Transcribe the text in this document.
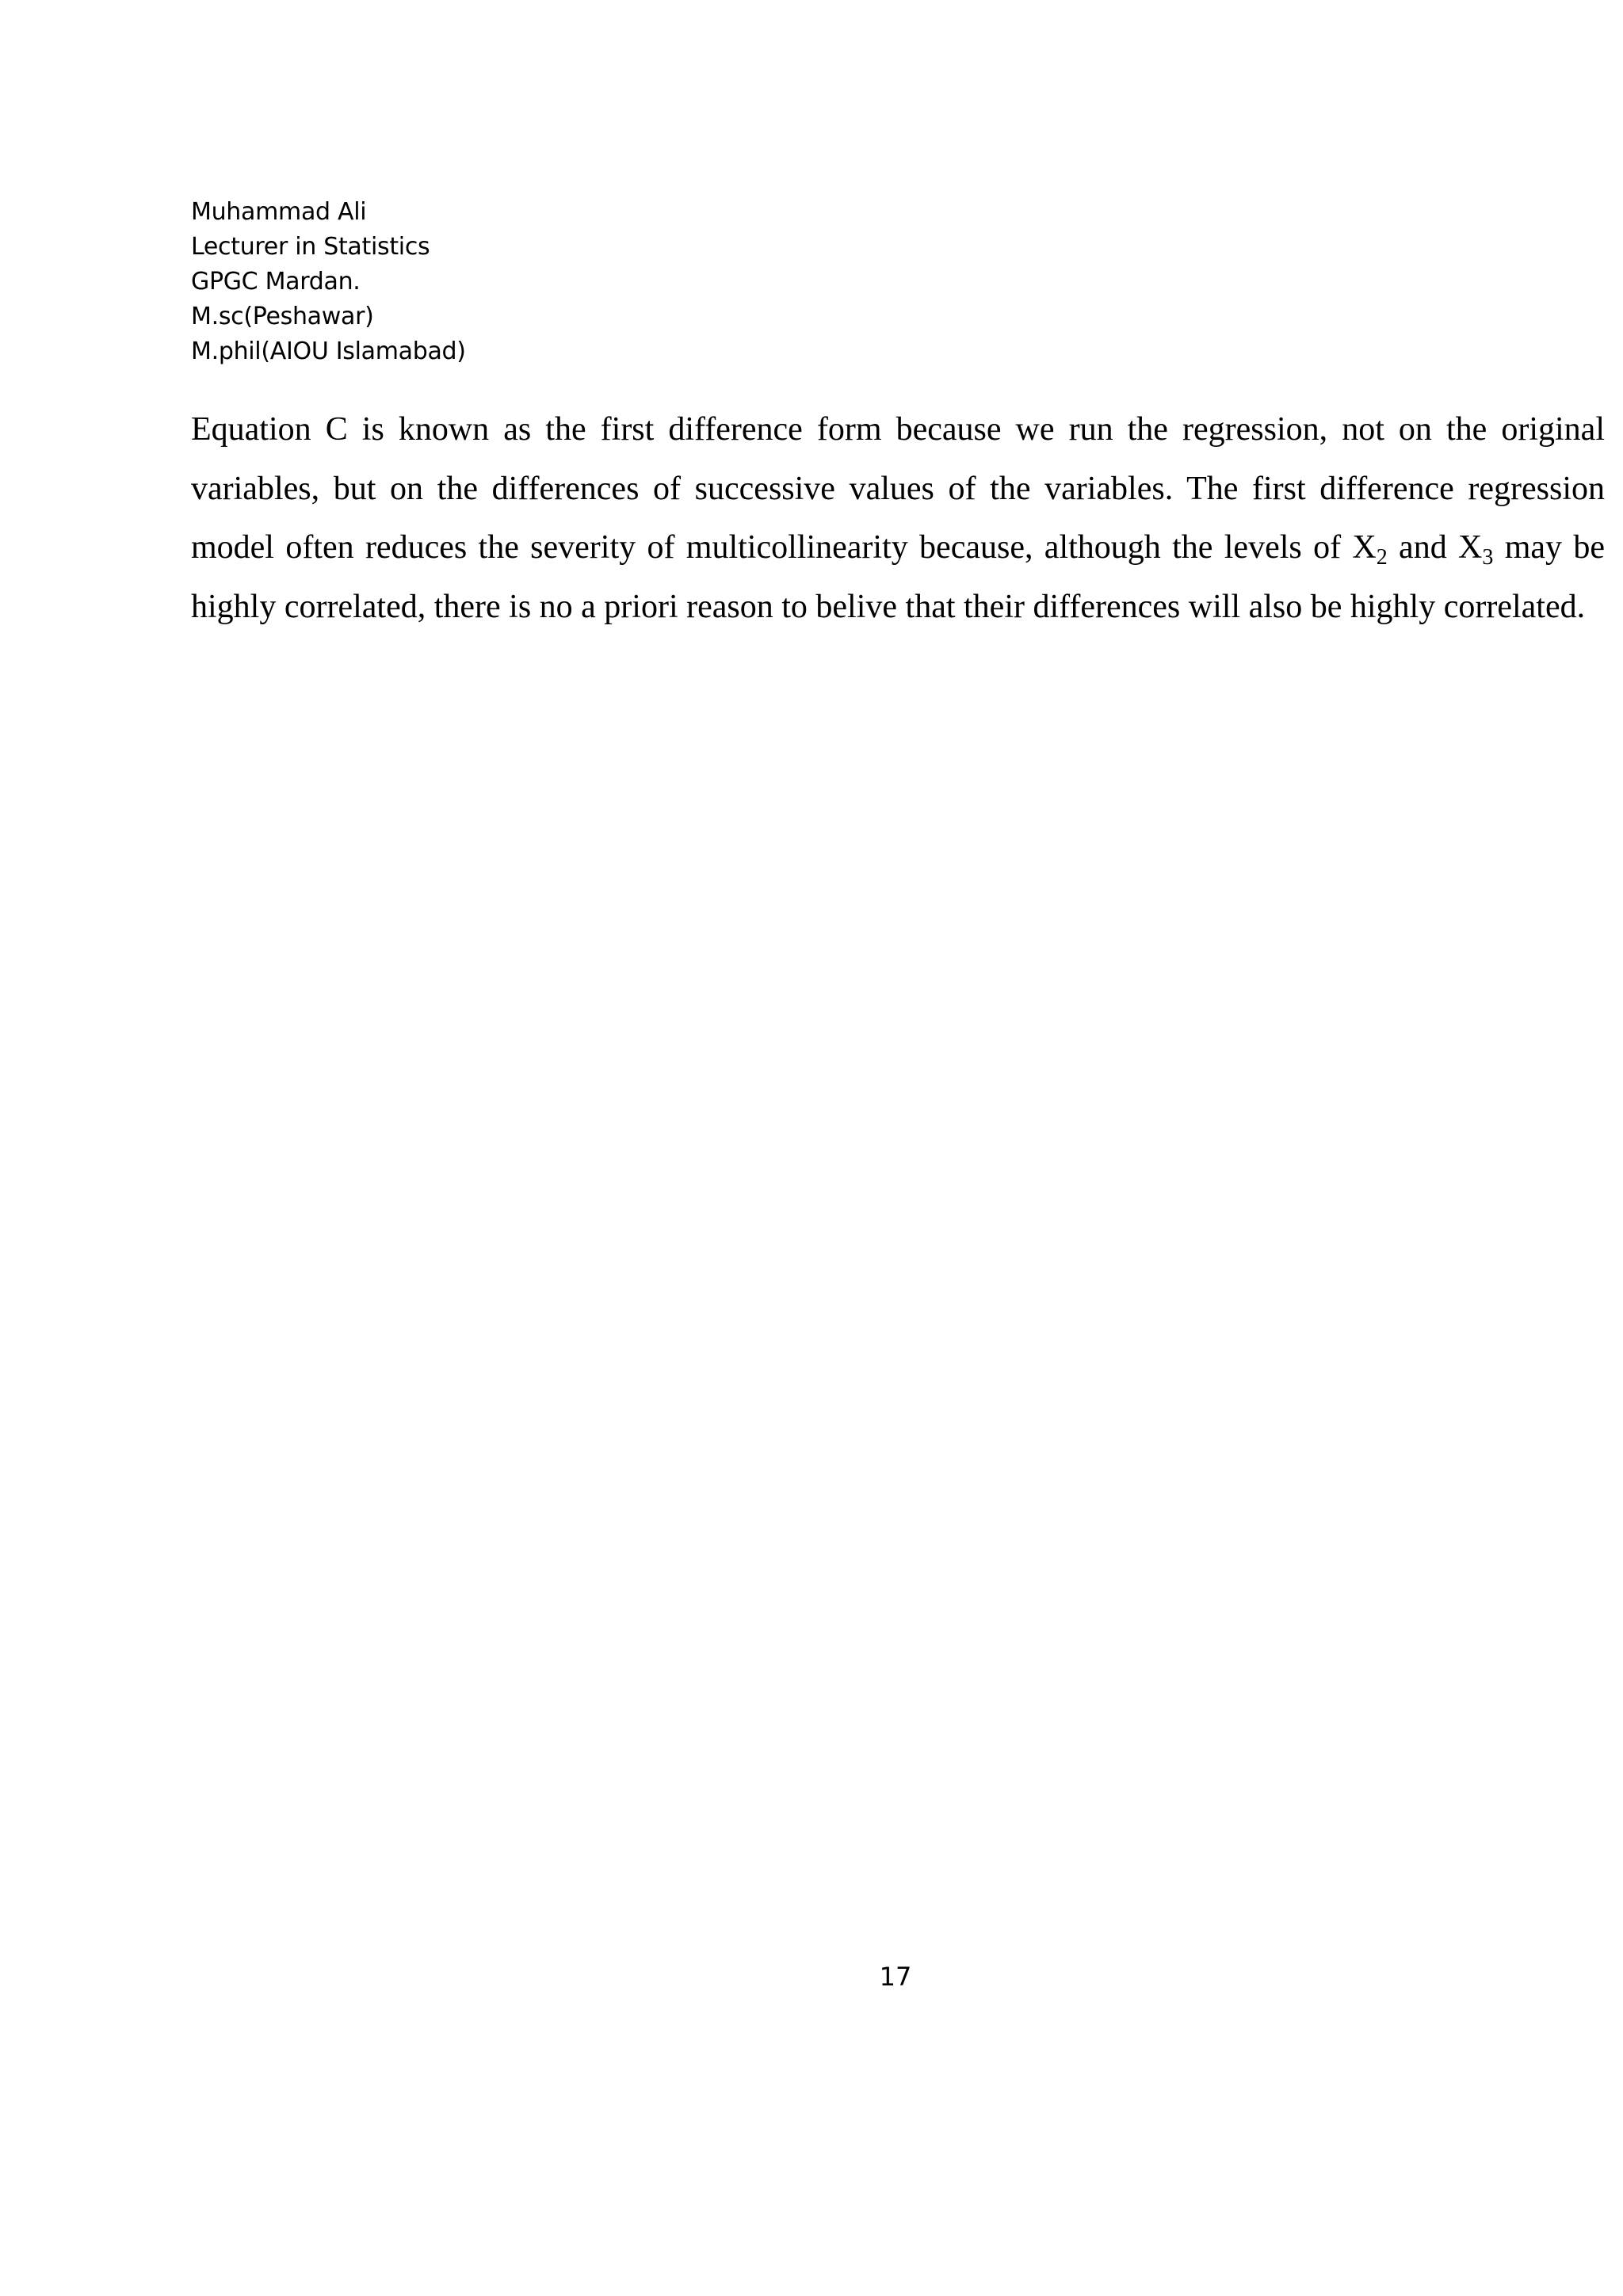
Muhammad Ali
Lecturer in Statistics
GPGC Mardan.
M.sc(Peshawar)
M.phil(AIOU Islamabad)

Equation C is known as the first difference form because we run the regression, not on the original variables, but on the differences of successive values of the variables. The first difference regression model often reduces the severity of multicollinearity because, although the levels of $X_2$ and $X_3$ may be highly correlated, there is no a priori reason to belive that their differences will also be highly correlated.

17
